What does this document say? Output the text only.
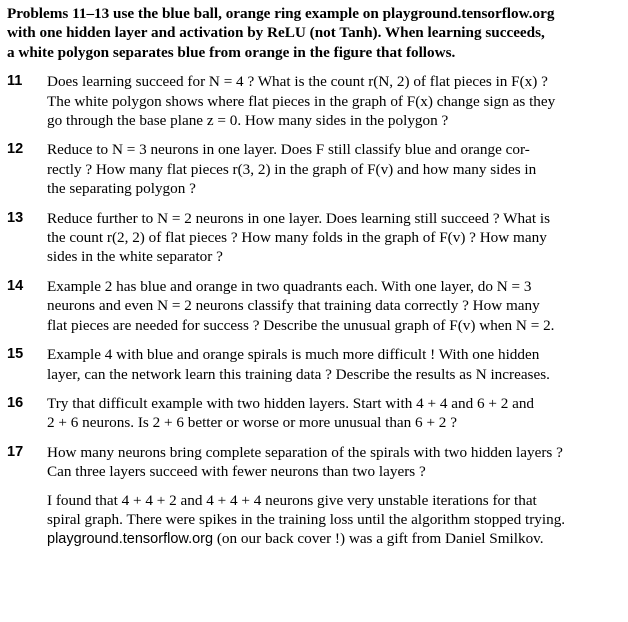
Problems 11–13 use the blue ball, orange ring example on playground.tensorflow.org
with one hidden layer and activation by ReLU (not Tanh). When learning succeeds,
a white polygon separates blue from orange in the figure that follows.
11 Does learning succeed for N = 4 ? What is the count r(N, 2) of flat pieces in F(x) ?
The white polygon shows where flat pieces in the graph of F(x) change sign as they
go through the base plane z = 0. How many sides in the polygon ?
12 Reduce to N = 3 neurons in one layer. Does F still classify blue and orange cor-
rectly ? How many flat pieces r(3, 2) in the graph of F(v) and how many sides in
the separating polygon ?
13 Reduce further to N = 2 neurons in one layer. Does learning still succeed ? What is
the count r(2, 2) of flat pieces ? How many folds in the graph of F(v) ? How many
sides in the white separator ?
14 Example 2 has blue and orange in two quadrants each. With one layer, do N = 3
neurons and even N = 2 neurons classify that training data correctly ? How many
flat pieces are needed for success ? Describe the unusual graph of F(v) when N = 2.
15 Example 4 with blue and orange spirals is much more difficult ! With one hidden
layer, can the network learn this training data ? Describe the results as N increases.
16 Try that difficult example with two hidden layers. Start with 4 + 4 and 6 + 2 and
2 + 6 neurons. Is 2 + 6 better or worse or more unusual than 6 + 2 ?
17 How many neurons bring complete separation of the spirals with two hidden layers ?
Can three layers succeed with fewer neurons than two layers ?
I found that 4 + 4 + 2 and 4 + 4 + 4 neurons give very unstable iterations for that
spiral graph. There were spikes in the training loss until the algorithm stopped trying.
playground.tensorflow.org (on our back cover !) was a gift from Daniel Smilkov.
